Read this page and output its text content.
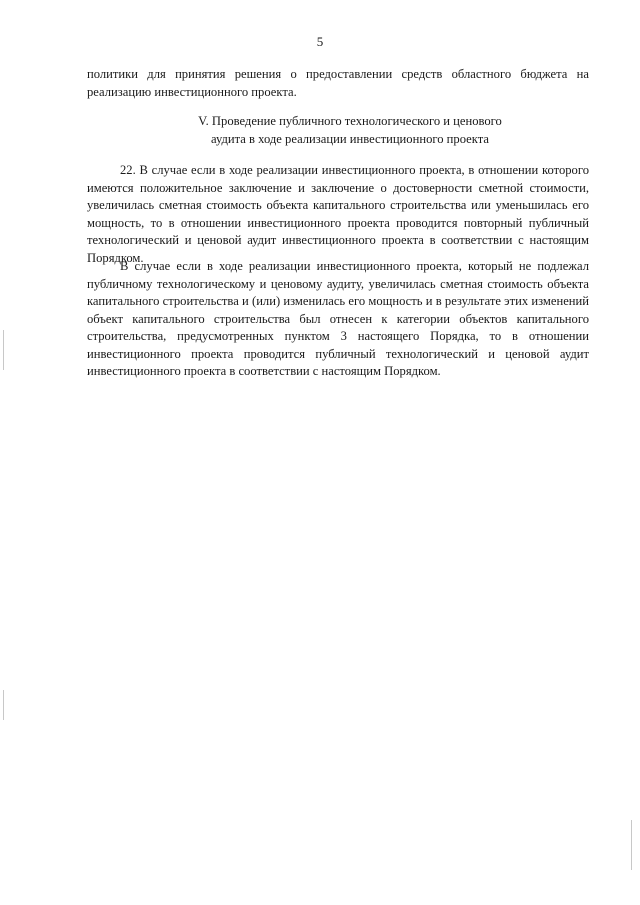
5
политики для принятия решения о предоставлении средств областного бюджета на реализацию инвестиционного проекта.
V. Проведение публичного технологического и ценового
аудита в ходе реализации инвестиционного проекта
22. В случае если в ходе реализации инвестиционного проекта, в отношении которого имеются положительное заключение и заключение о достоверности сметной стоимости, увеличилась сметная стоимость объекта капитального строительства или уменьшилась его мощность, то в отношении инвестиционного проекта проводится повторный публичный технологический и ценовой аудит инвестиционного проекта в соответствии с настоящим Порядком.
В случае если в ходе реализации инвестиционного проекта, который не подлежал публичному технологическому и ценовому аудиту, увеличилась сметная стоимость объекта капитального строительства и (или) изменилась его мощность и в результате этих изменений объект капитального строительства был отнесен к категории объектов капитального строительства, предусмотренных пунктом 3 настоящего Порядка, то в отношении инвестиционного проекта проводится публичный технологический и ценовой аудит инвестиционного проекта в соответствии с настоящим Порядком.
